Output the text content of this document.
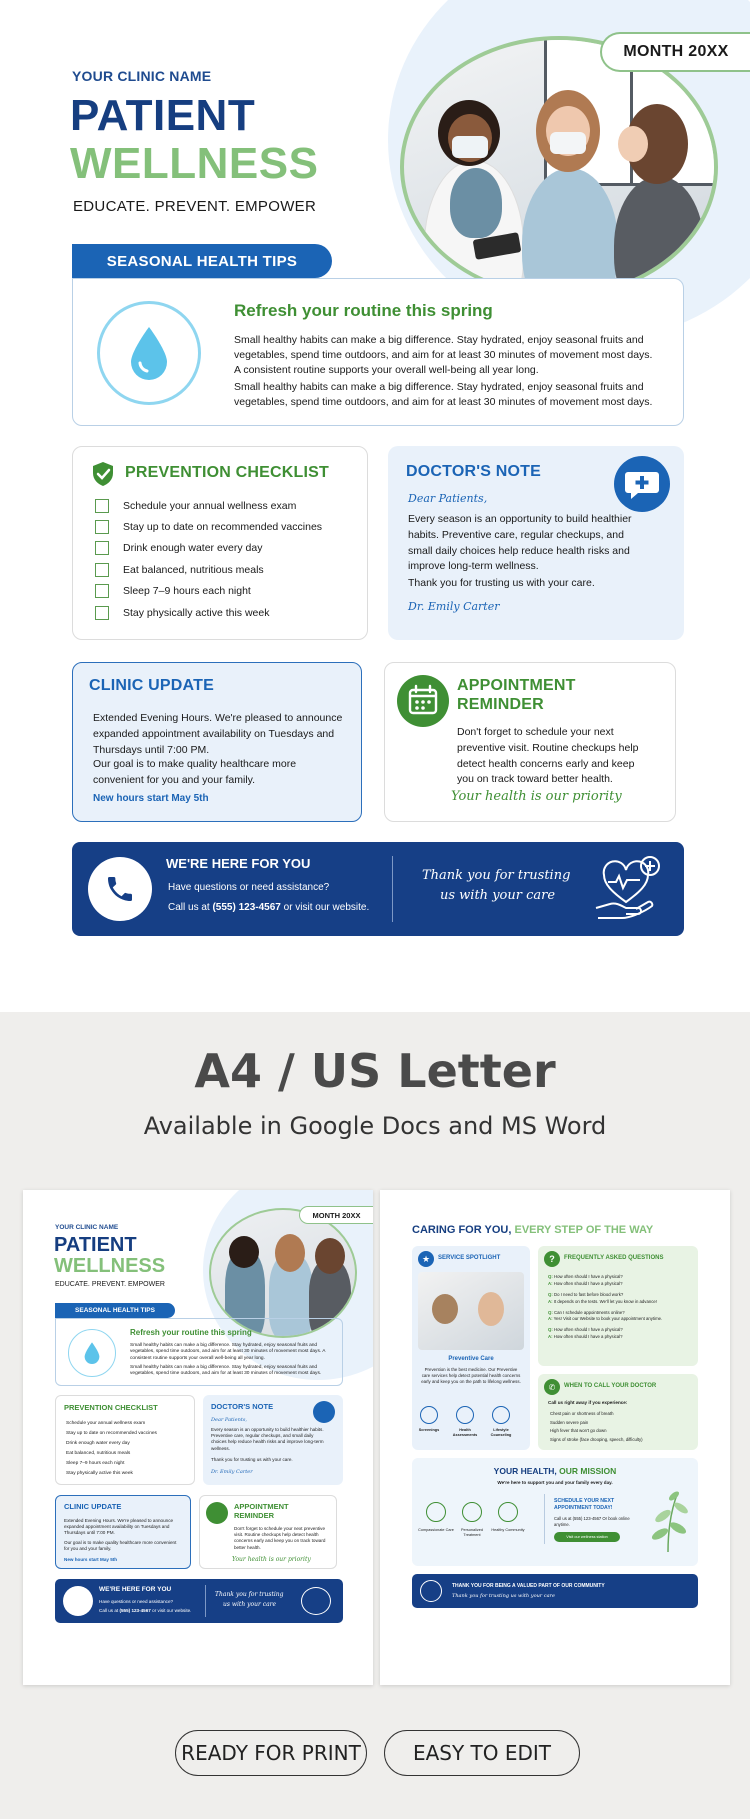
MONTH 20XX
YOUR CLINIC NAME
PATIENT
WELLNESS
EDUCATE. PREVENT. EMPOWER
SEASONAL HEALTH TIPS
Refresh your routine this spring
Small healthy habits can make a big difference. Stay hydrated, enjoy seasonal fruits and vegetables, spend time outdoors, and aim for at least 30 minutes of movement most days. A consistent routine supports your overall well-being all year long.
Small healthy habits can make a big difference. Stay hydrated, enjoy seasonal fruits and vegetables, spend time outdoors, and aim for at least 30 minutes of movement most days.
PREVENTION CHECKLIST
Schedule your annual wellness exam
Stay up to date on recommended vaccines
Drink enough water every day
Eat balanced, nutritious meals
Sleep 7–9 hours each night
Stay physically active this week
DOCTOR'S NOTE
Dear Patients,
Every season is an opportunity to build healthier habits. Preventive care, regular checkups, and small daily choices help reduce health risks and improve long-term wellness.
Thank you for trusting us with your care.
Dr. Emily Carter
CLINIC UPDATE
Extended Evening Hours. We're pleased to announce expanded appointment availability on Tuesdays and Thursdays until 7:00 PM.
Our goal is to make quality healthcare more convenient for you and your family.
New hours start May 5th
APPOINTMENT
REMINDER
Don't forget to schedule your next preventive visit. Routine checkups help detect health concerns early and keep you on track toward better health.
Your health is our priority
WE'RE HERE FOR YOU
Have questions or need assistance?
Call us at (555) 123-4567 or visit our website.
Thank you for trusting
us with your care
A4 / US Letter
Available in Google Docs and MS Word
MONTH 20XX
YOUR CLINIC NAME
PATIENT
WELLNESS
EDUCATE. PREVENT. EMPOWER
SEASONAL HEALTH TIPS
Refresh your routine this spring
Small healthy habits can make a big difference. Stay hydrated, enjoy seasonal fruits and vegetables, spend time outdoors, and aim for at least 30 minutes of movement most days. A consistent routine supports your overall well-being all year long.
Small healthy habits can make a big difference. Stay hydrated, enjoy seasonal fruits and vegetables, spend time outdoors, and aim for at least 30 minutes of movement most days.
PREVENTION CHECKLIST
Schedule your annual wellness exam
Stay up to date on recommended vaccines
Drink enough water every day
Eat balanced, nutritious meals
Sleep 7–9 hours each night
Stay physically active this week
DOCTOR'S NOTE
Dear Patients,
Every season is an opportunity to build healthier habits. Preventive care, regular checkups, and small daily choices help reduce health risks and improve long-term wellness.
Thank you for trusting us with your care.
Dr. Emily Carter
CLINIC UPDATE
Extended Evening Hours. We're pleased to announce expanded appointment availability on Tuesdays and Thursdays until 7:00 PM.
Our goal is to make quality healthcare more convenient for you and your family.
New hours start May 5th
APPOINTMENT
REMINDER
Don't forget to schedule your next preventive visit. Routine checkups help detect health concerns early and keep you on track toward better health.
Your health is our priority
WE'RE HERE FOR YOU
Have questions or need assistance?
Call us at (555) 123-4567 or visit our website.
Thank you for trusting
us with your care
CARING FOR YOU, EVERY STEP OF THE WAY
★	SERVICE SPOTLIGHT
Preventive Care
Prevention is the best medicine. Our Preventive care services help detect potential health concerns early and keep you on the path to lifelong wellness.
Screenings	Health Assessments
Lifestyle Counseling
?	FREQUENTLY ASKED QUESTIONS
Q: How often should I have a physical?
A: How often should I have a physical?
Q: Do I need to fast before blood work?
A: It depends on the tests. We'll let you know in advance!
Q: Can I schedule appointments online?
A: Yes! Visit our Website to book your appointment anytime.
Q: How often should I have a physical?
A: How often should I have a physical?
✆	WHEN TO CALL YOUR DOCTOR
Call us right away if you experience:
Chest pain or shortness of breath
Sudden severe pain
High fever that won't go down
Signs of stroke (face drooping, speech, difficulty)
YOUR HEALTH, OUR MISSION
We're here to support you and your family every day.
Compassionate Care	Personalized Treatment
Healthy Community
SCHEDULE YOUR NEXT APPOINTMENT TODAY!
Call us at (555) 123-4567 Or book online anytime.
Visit our wellness station
THANK YOU FOR BEING A VALUED PART OF OUR COMMUNITY
Thank you for trusting us with your care
READY FOR PRINT	EASY TO EDIT
